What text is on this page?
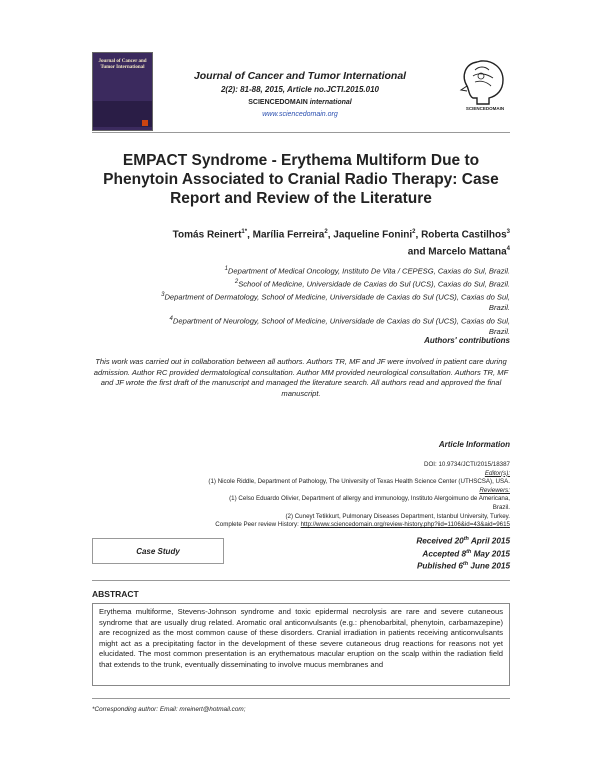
Journal of Cancer and Tumor International
Journal of Cancer and Tumor International
2(2): 81-88, 2015, Article no.JCTI.2015.010
SCIENCEDOMAIN international
www.sciencedomain.org
SCIENCEDOMAIN
EMPACT Syndrome - Erythema Multiform Due to Phenytoin Associated to Cranial Radio Therapy: Case Report and Review of the Literature
Tomás Reinert$^{1*}$, Marília Ferreira$^2$, Jaqueline Fonini$^2$, Roberta Castilhos$^3$
and Marcelo Mattana$^4$
$^1$Department of Medical Oncology, Instituto De Vita / CEPESG, Caxias do Sul, Brazil.
$^2$School of Medicine, Universidade de Caxias do Sul (UCS), Caxias do Sul, Brazil.
$^3$Department of Dermatology, School of Medicine, Universidade de Caxias do Sul (UCS), Caxias do Sul, Brazil.
$^4$Department of Neurology, School of Medicine, Universidade de Caxias do Sul (UCS), Caxias do Sul, Brazil.
Authors' contributions
This work was carried out in collaboration between all authors. Authors TR, MF and JF were involved in patient care during admission. Author RC provided dermatological consultation. Author MM provided neurological consultation. Authors TR, MF and JF wrote the first draft of the manuscript and managed the literature search. All authors read and approved the final manuscript.
Article Information
DOI: 10.9734/JCTI/2015/18387
Editor(s):
(1) Nicole Riddle, Department of Pathology, The University of Texas Health Science Center (UTHSCSA), USA.
Reviewers:
(1) Celso Eduardo Olivier, Department of allergy and immunology, Instituto Alergoimuno de Americana,
Brazil.
(2) Cuneyt Tetikkurt, Pulmonary Diseases Department, Istanbul University, Turkey.
Complete Peer review History: http://www.sciencedomain.org/review-history.php?iid=1106&id=43&aid=9615
Case Study
Received 20th April 2015
Accepted 8th May 2015
Published 6th June 2015
ABSTRACT
Erythema multiforme, Stevens-Johnson syndrome and toxic epidermal necrolysis are rare and severe cutaneous syndrome that are usually drug related. Aromatic oral anticonvulsants (e.g.: phenobarbital, phenytoin, carbamazepine) are recognized as the most common cause of these disorders. Cranial irradiation in patients receiving anticonvulsants might act as a precipitating factor in the development of these severe cutaneous drug reactions for reasons not yet elucidated. The most common presentation is an erythematous macular eruption on the scalp within the radiation field that extends to the trunk, eventually disseminating to involve mucus membranes and
*Corresponding author: Email: mreinert@hotmail.com;
